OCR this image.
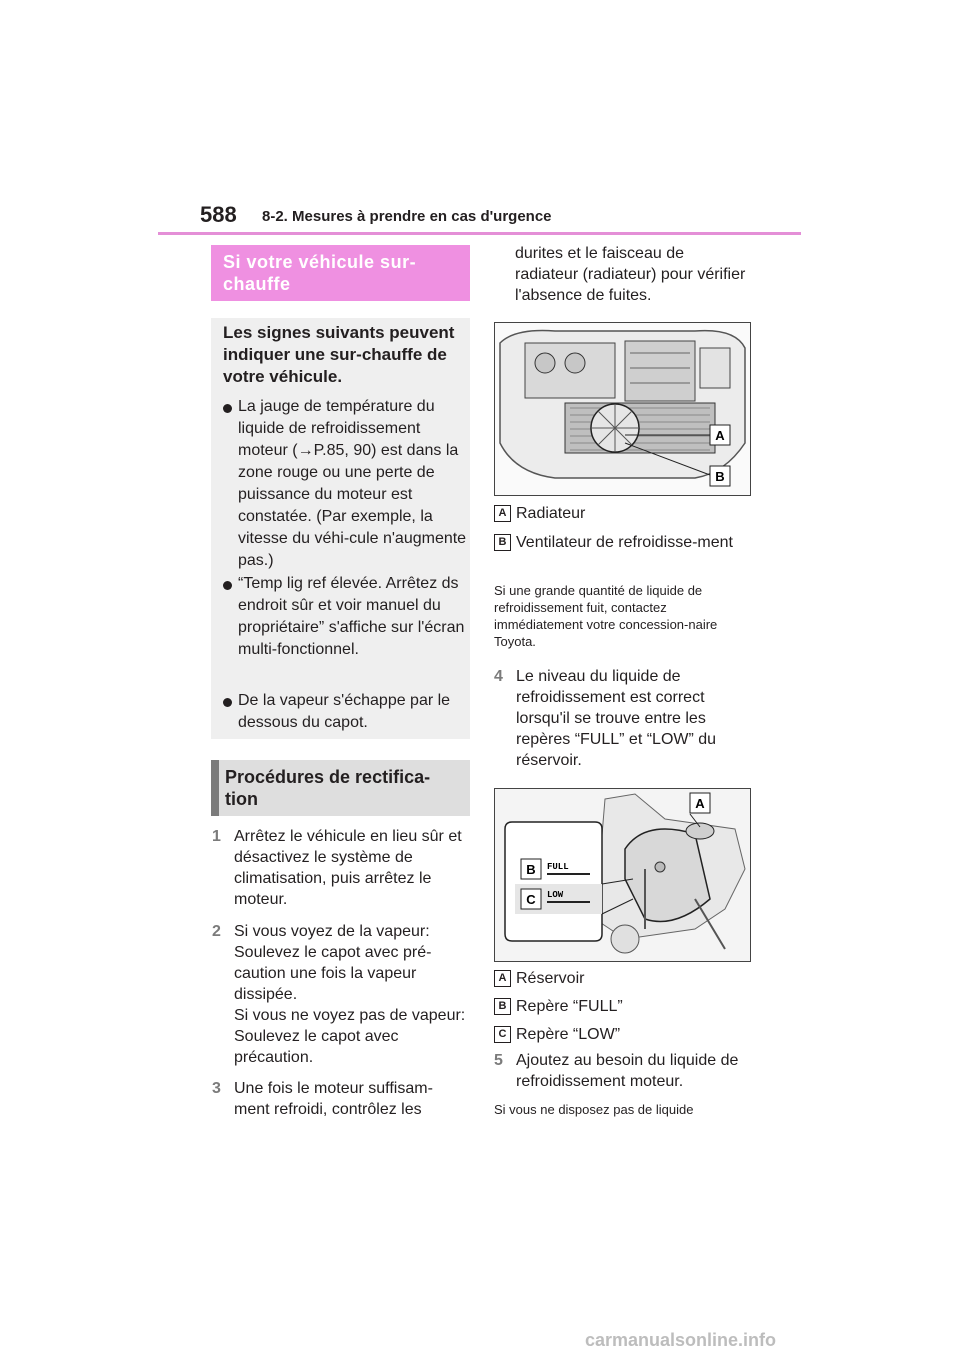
588 8-2. Mesures à prendre en cas d'urgence
Si votre véhicule sur-chauffe
Les signes suivants peuvent indiquer une sur-chauffe de votre véhicule.
La jauge de température du liquide de refroidissement moteur (→P.85, 90) est dans la zone rouge ou une perte de puissance du moteur est constatée. (Par exemple, la vitesse du véhi-cule n'augmente pas.)
“Temp lig ref élevée. Arrêtez ds endroit sûr et voir manuel du propriétaire” s'affiche sur l'écran multi-fonctionnel.
De la vapeur s'échappe par le dessous du capot.
Procédures de rectifica-tion
1 Arrêtez le véhicule en lieu sûr et désactivez le système de climatisation, puis arrêtez le moteur.
2 Si vous voyez de la vapeur: Soulevez le capot avec pré-caution une fois la vapeur dissipée.
Si vous ne voyez pas de vapeur: Soulevez le capot avec précaution.
3 Une fois le moteur suffisam-ment refroidi, contrôlez les
durites et le faisceau de radiateur (radiateur) pour vérifier l'absence de fuites.
A
B
A Radiateur
B Ventilateur de refroidisse-ment
Si une grande quantité de liquide de refroidissement fuit, contactez immédiatement votre concession-naire Toyota.
4 Le niveau du liquide de refroidissement est correct lorsqu'il se trouve entre les repères “FULL” et “LOW” du réservoir.
A
B FULL
C LOW
A Réservoir
B Repère “FULL”
C Repère “LOW”
5 Ajoutez au besoin du liquide de refroidissement moteur.
Si vous ne disposez pas de liquide
carmanualsonline.info
